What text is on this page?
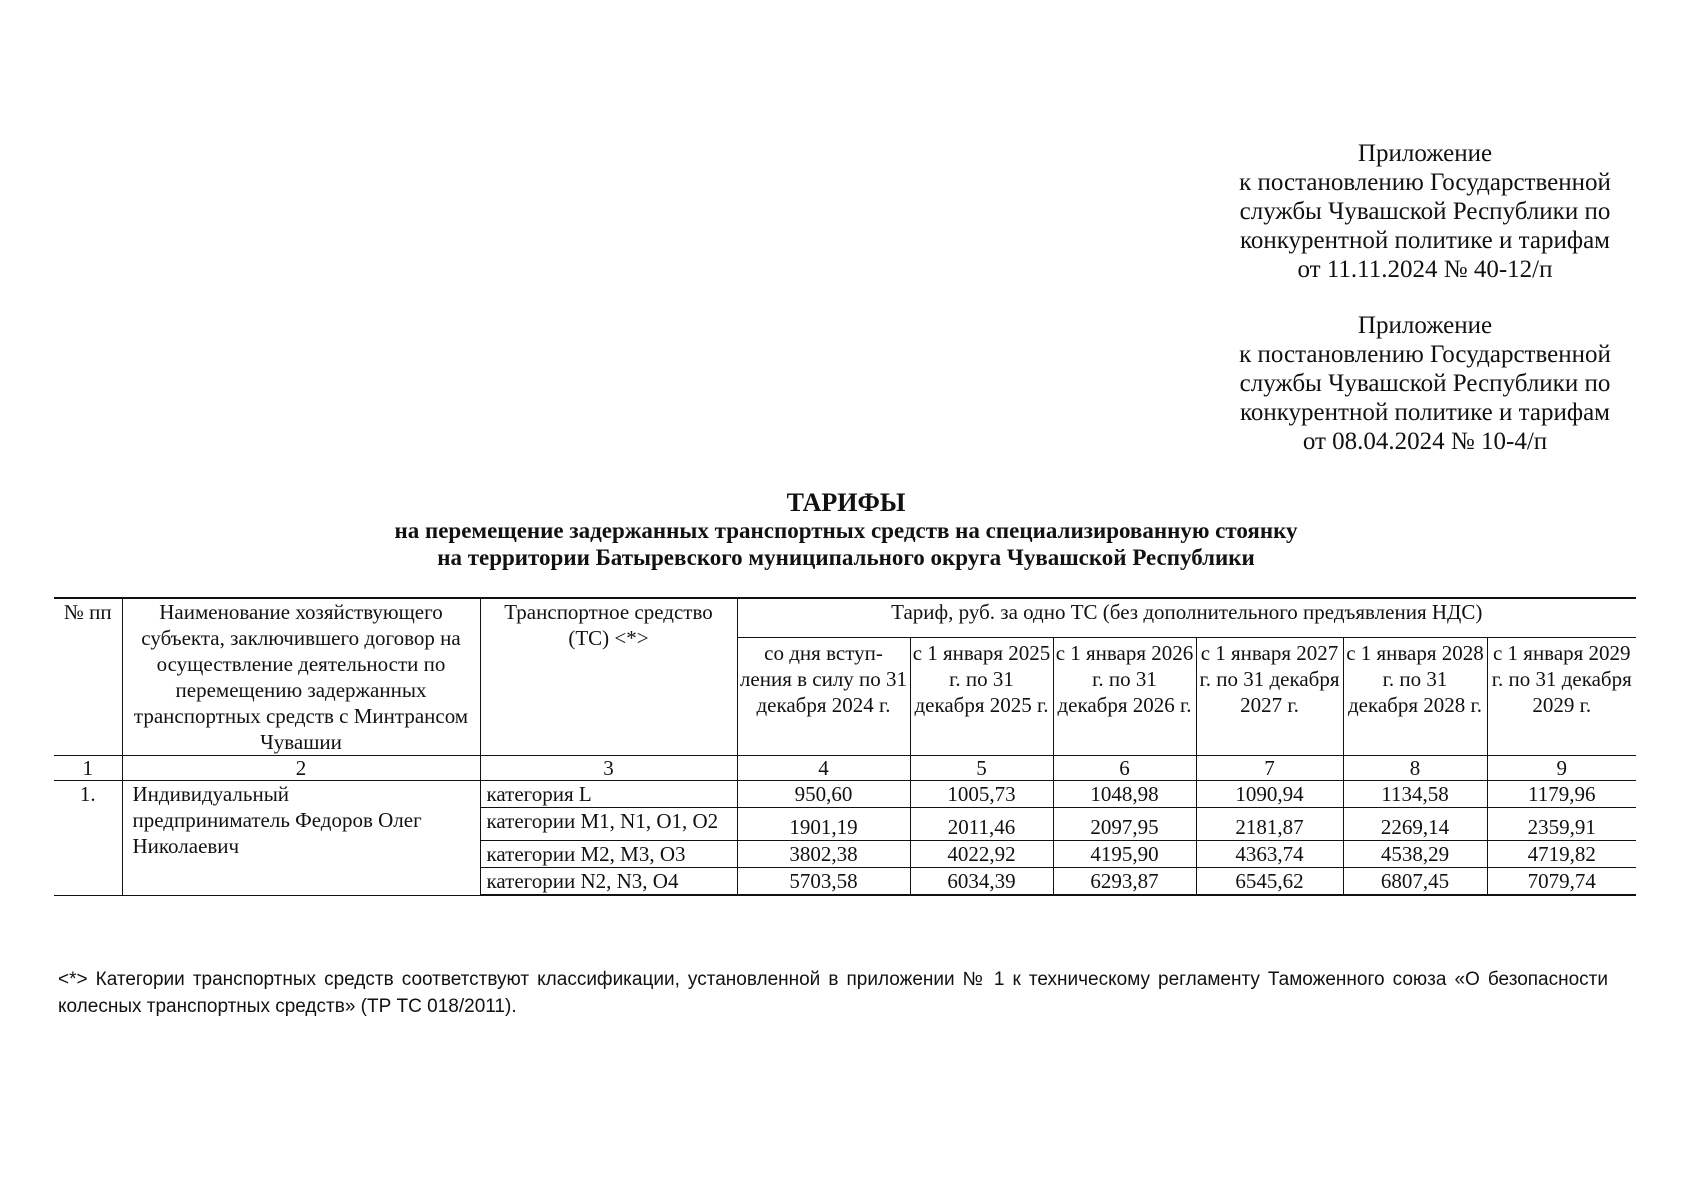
Приложение
к постановлению Государственной
службы Чувашской Республики по
конкурентной политике и тарифам
от 11.11.2024 № 40-12/п
Приложение
к постановлению Государственной
службы Чувашской Республики по
конкурентной политике и тарифам
от 08.04.2024 № 10-4/п
ТАРИФЫ
на перемещение задержанных транспортных средств на специализированную стоянку
на территории Батыревского муниципального округа Чувашской Республики
№ пп	Наименование хозяйствующего субъекта, заключившего договор на осуществление деятельности по перемещению задержанных транспортных средств с Минтрансом Чувашии	Транспортное средство (ТС) <*>	Тариф, руб. за одно ТС (без дополнительного предъявления НДС)					
			со дня вступ-ления в силу по 31 декабря 2024 г.	с 1 января 2025 г. по 31 декабря 2025 г.	с 1 января 2026 г. по 31 декабря 2026 г.	с 1 января 2027 г. по 31 декабря 2027 г.	с 1 января 2028 г. по 31 декабря 2028 г.	с 1 января 2029 г. по 31 декабря 2029 г.
1	2	3	4	5	6	7	8	9
1.	Индивидуальный предприниматель Федоров Олег Николаевич	категория L	950,60	1005,73	1048,98	1090,94	1134,58	1179,96
		категории M1, N1, O1, O2	1901,19	2011,46	2097,95	2181,87	2269,14	2359,91
		категории M2, M3, O3	3802,38	4022,92	4195,90	4363,74	4538,29	4719,82
		категории N2, N3, O4	5703,58	6034,39	6293,87	6545,62	6807,45	7079,74
<*> Категории транспортных средств соответствуют классификации, установленной в приложении № 1 к техническому регламенту Таможенного союза «О безопасности колесных транспортных средств» (ТР ТС 018/2011).
